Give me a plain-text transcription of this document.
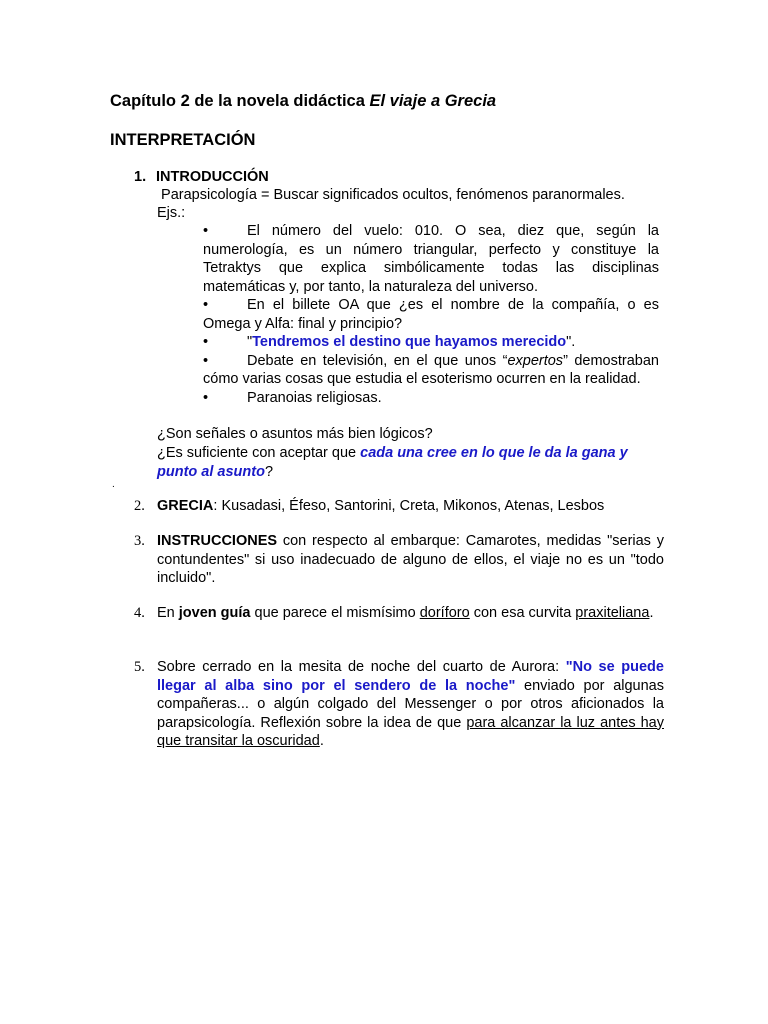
Capítulo 2 de la novela didáctica El viaje a Grecia
INTERPRETACIÓN
1. INTRODUCCIÓN
Parapsicología = Buscar significados ocultos, fenómenos paranormales.
Ejs.:
•	El número del vuelo: 010. O sea, diez que, según la numerología, es un número triangular, perfecto y constituye la Tetraktys que explica simbólicamente todas las disciplinas matemáticas y, por tanto, la naturaleza del universo.
•	En el billete OA que ¿es el nombre de la compañía, o es Omega y Alfa: final y principio?
•	"Tendremos el destino que hayamos merecido".
•	Debate en televisión, en el que unos “expertos” demostraban cómo varias cosas que estudia el esoterismo ocurren en la realidad.
•	Paranoias religiosas.
¿Son señales o asuntos más bien lógicos?
¿Es suficiente con aceptar que cada una cree en lo que le da la gana y punto al asunto?
.
2. GRECIA: Kusadasi, Éfeso, Santorini, Creta, Mikonos, Atenas, Lesbos
3. INSTRUCCIONES con respecto al embarque: Camarotes, medidas "serias y contundentes" si uso inadecuado de alguno de ellos, el viaje no es un "todo incluido".
4. En joven guía que parece el mismísimo doríforo con esa curvita praxiteliana.
5. Sobre cerrado en la mesita de noche del cuarto de Aurora: "No se puede llegar al alba sino por el sendero de la noche" enviado por algunas compañeras... o algún colgado del Messenger o por otros aficionados la parapsicología. Reflexión sobre la idea de que para alcanzar la luz antes hay que transitar la oscuridad.
